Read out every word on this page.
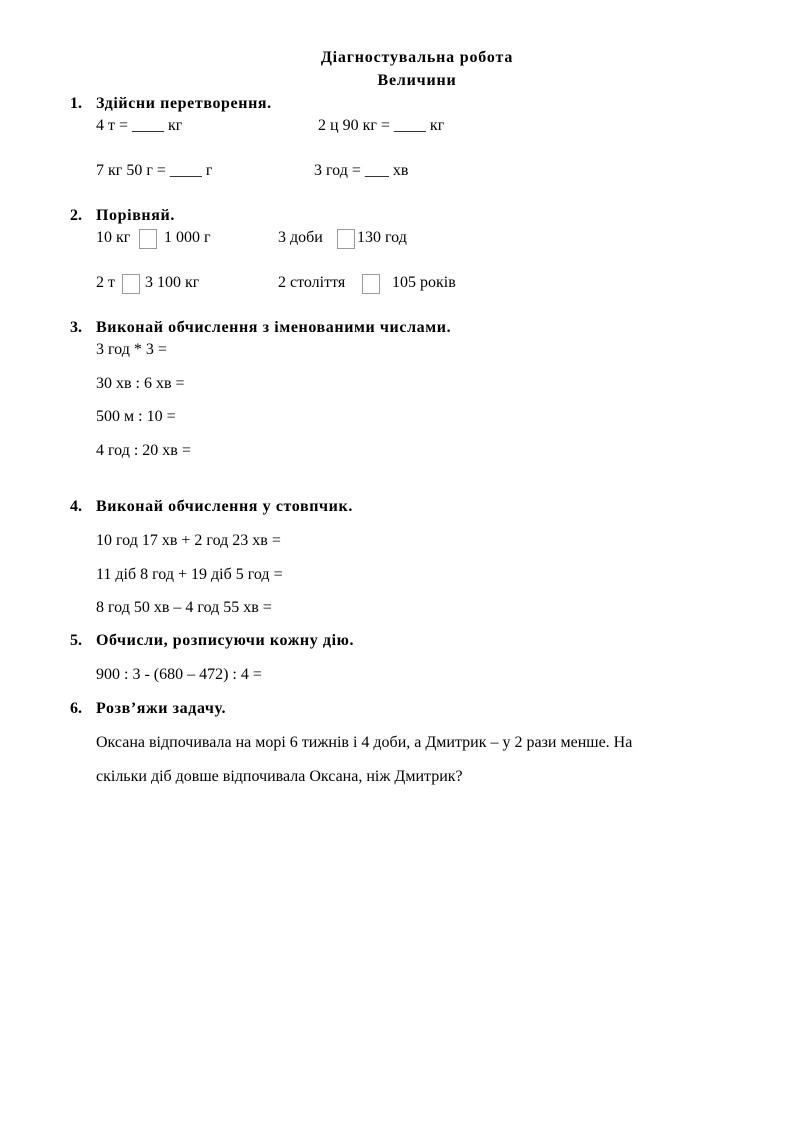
Діагностувальна робота
Величини
1. Здійсни перетворення.
4 т = ____ кг	2 ц 90 кг = ____ кг
7 кг 50 г = ____ г	3 год = ___ хв
2. Порівняй.
10 кг 1 000 г	3 доби 130 год
2 т 3 100 кг	2 століття	105 років
3. Виконай обчислення з іменованими числами.
3 год * 3 =
30 хв : 6 хв =
500 м : 10 =
4 год : 20 хв =
4. Виконай обчислення у стовпчик.
10 год 17 хв + 2 год 23 хв =
11 діб 8 год + 19 діб 5 год =
8 год 50 хв – 4 год 55 хв =
5. Обчисли, розписуючи кожну дію.
900 : 3 - (680 – 472) : 4 =
6. Розв’яжи задачу.
Оксана відпочивала на морі 6 тижнів і 4 доби, а Дмитрик – у 2 рази менше. На
скільки діб довше відпочивала Оксана, ніж Дмитрик?
